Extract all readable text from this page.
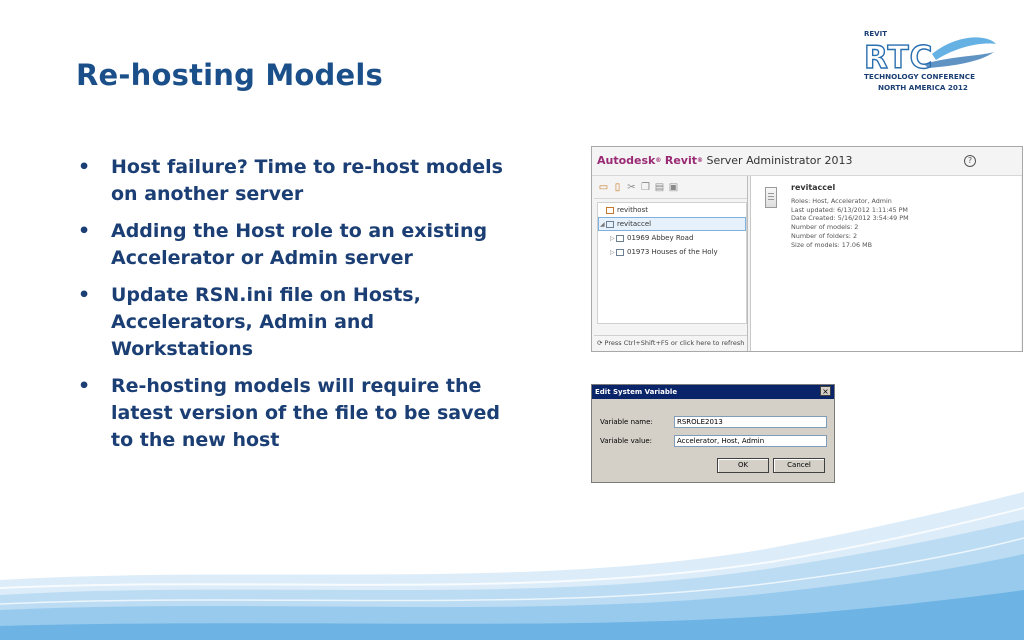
Re-hosting Models
REVIT
RTC
TECHNOLOGY CONFERENCE
NORTH AMERICA 2012
• Host failure? Time to re-host models on another server
• Adding the Host role to an existing Accelerator or Admin server
• Update RSN.ini file on Hosts, Accelerators, Admin and Workstations
• Re-hosting models will require the latest version of the file to be saved to the new host
Autodesk® Revit® Server Administrator 2013	?
▭ ▯ ✂ ❐ ▤ ▣
revithost
◢ revitaccel
▷ 01969 Abbey Road
▷ 01973 Houses of the Holy
⟳ Press Ctrl+Shift+F5 or click here to refresh
revitaccel
Roles: Host, Accelerator, Admin
Last updated: 6/13/2012 1:11:45 PM
Date Created: 5/16/2012 3:54:49 PM
Number of models: 2
Number of folders: 2
Size of models: 17.06 MB
Edit System Variable	×
Variable name:	RSROLE2013
Variable value:	Accelerator, Host, Admin
OK	Cancel
